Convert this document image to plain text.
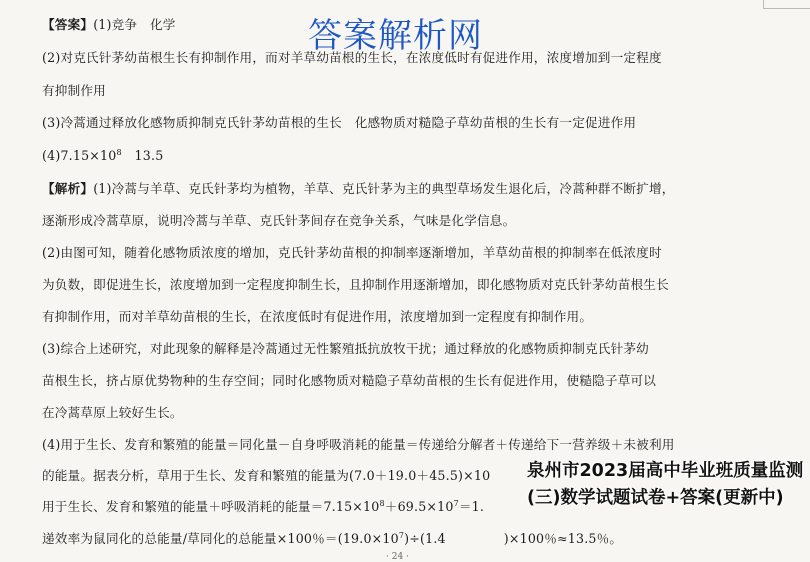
答案解析网
【答案】(1)竞争　化学
(2)对克氏针茅幼苗根生长有抑制作用，而对羊草幼苗根的生长，在浓度低时有促进作用，浓度增加到一定程度
有抑制作用
(3)冷蒿通过释放化感物质抑制克氏针茅幼苗根的生长　化感物质对糙隐子草幼苗根的生长有一定促进作用
$(4)7.15\times 10^8$　13.5
【解析】(1)冷蒿与羊草、克氏针茅均为植物，羊草、克氏针茅为主的典型草场发生退化后，冷蒿种群不断扩增，
逐渐形成冷蒿草原，说明冷蒿与羊草、克氏针茅间存在竞争关系，气味是化学信息。
(2)由图可知，随着化感物质浓度的增加，克氏针茅幼苗根的抑制率逐渐增加，羊草幼苗根的抑制率在低浓度时
为负数，即促进生长，浓度增加到一定程度抑制生长，且抑制作用逐渐增加，即化感物质对克氏针茅幼苗根生长
有抑制作用，而对羊草幼苗根的生长，在浓度低时有促进作用，浓度增加到一定程度有抑制作用。
(3)综合上述研究，对此现象的解释是冷蒿通过无性繁殖抵抗放牧干扰；通过释放的化感物质抑制克氏针茅幼
苗根生长，挤占原优势物种的生存空间；同时化感物质对糙隐子草幼苗根的生长有促进作用，使糙隐子草可以
在冷蒿草原上较好生长。
(4)用于生长、发育和繁殖的能量＝同化量－自身呼吸消耗的能量＝传递给分解者＋传递给下一营养级＋未被利用
的能量。据表分析，草用于生长、发育和繁殖的能量为(7.0＋19.0＋45.5)×10
用于生长、发育和繁殖的能量＋呼吸消耗的能量$=7.15\times 10^8+69.5\times 10^7=1$.
递效率为鼠同化的总能量/草同化的总能量×100％$=(19.0\times 10^7)\div(1.4$	)×100％≈13.5％。
泉州市2023届高中毕业班质量监测(三)数学试题试卷+答案(更新中)
· 24 ·
